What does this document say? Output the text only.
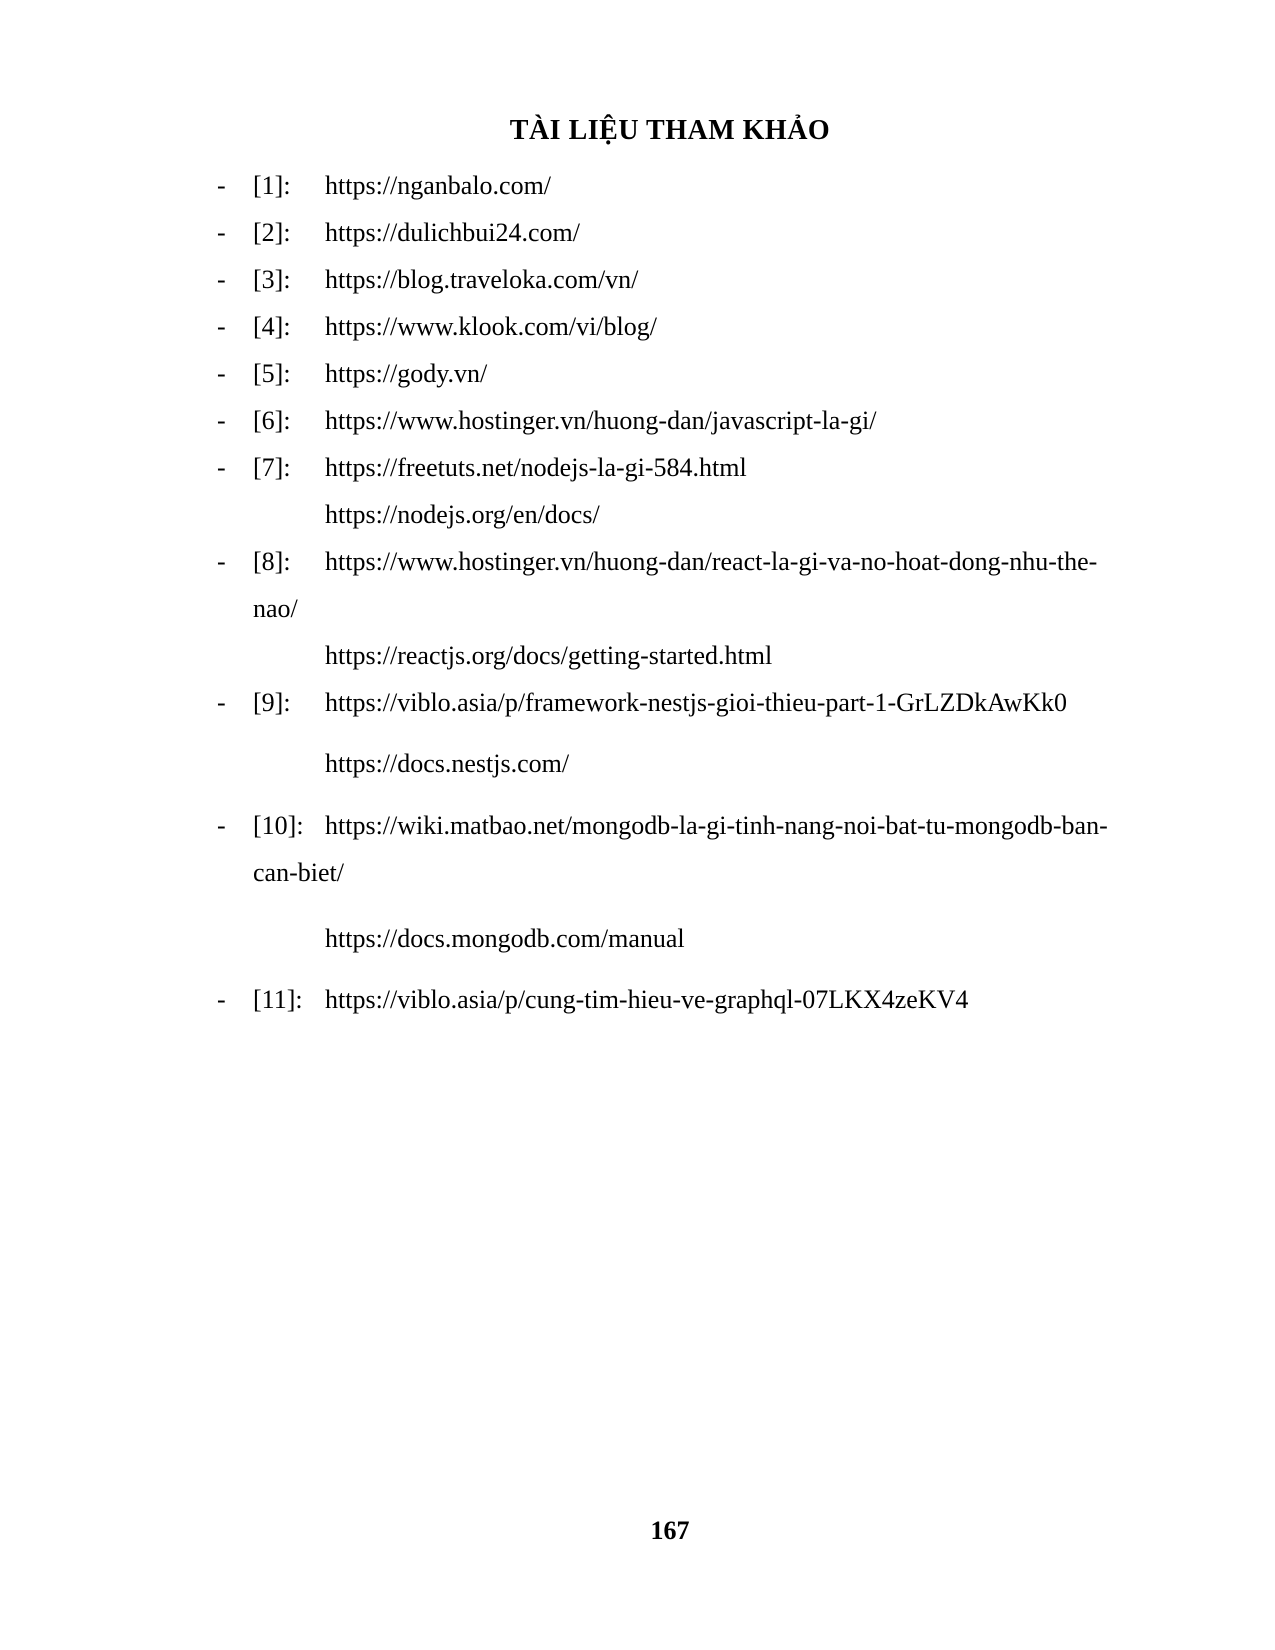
TÀI LIỆU THAM KHẢO
- [1]: https://nganbalo.com/
- [2]: https://dulichbui24.com/
- [3]: https://blog.traveloka.com/vn/
- [4]: https://www.klook.com/vi/blog/
- [5]: https://gody.vn/
- [6]: https://www.hostinger.vn/huong-dan/javascript-la-gi/
- [7]: https://freetuts.net/nodejs-la-gi-584.html
https://nodejs.org/en/docs/
- [8]: https://www.hostinger.vn/huong-dan/react-la-gi-va-no-hoat-dong-nhu-the-
nao/
https://reactjs.org/docs/getting-started.html
- [9]: https://viblo.asia/p/framework-nestjs-gioi-thieu-part-1-GrLZDkAwKk0
https://docs.nestjs.com/
- [10]: https://wiki.matbao.net/mongodb-la-gi-tinh-nang-noi-bat-tu-mongodb-ban-
can-biet/
https://docs.mongodb.com/manual
- [11]: https://viblo.asia/p/cung-tim-hieu-ve-graphql-07LKX4zeKV4
167
